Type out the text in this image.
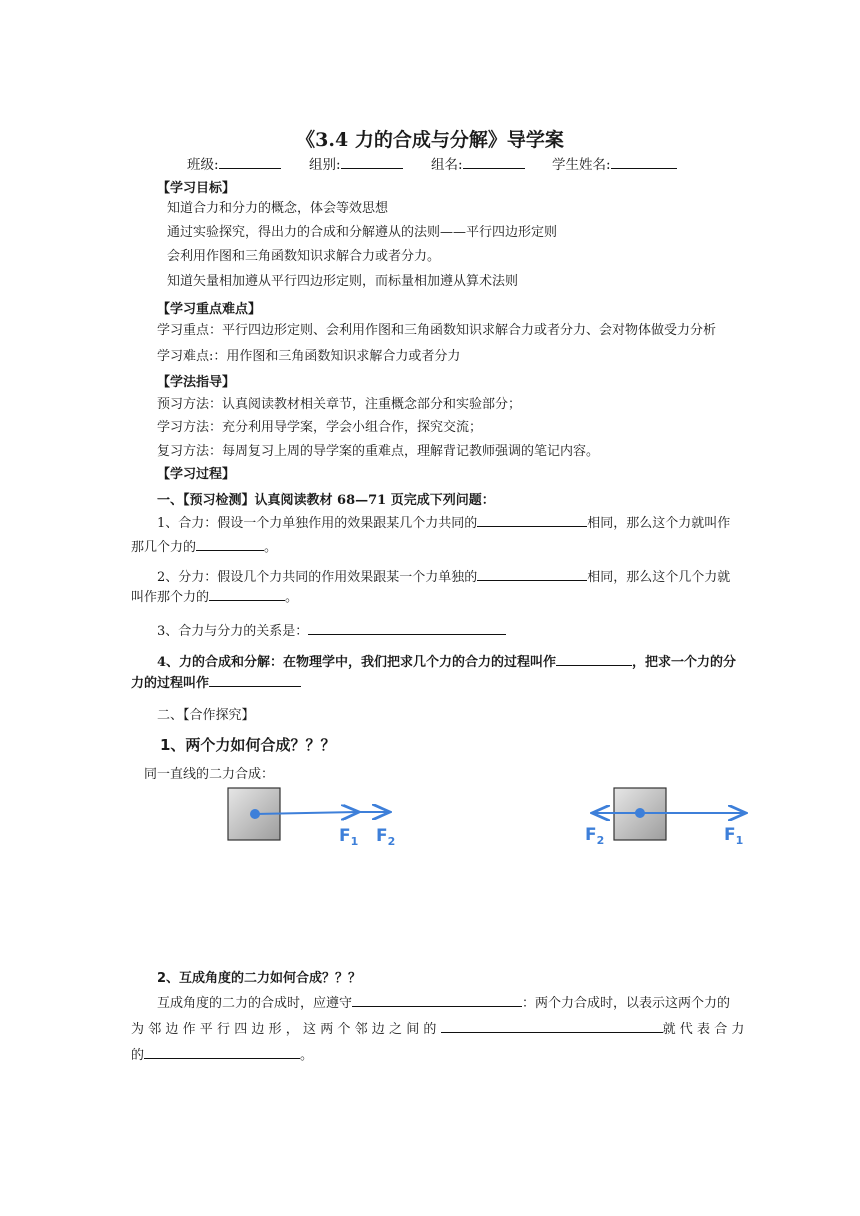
《3.4 力的合成与分解》导学案
班级:	组别:	组名:	学生姓名:
【学习目标】
知道合力和分力的概念，体会等效思想
通过实验探究，得出力的合成和分解遵从的法则——平行四边形定则
会利用作图和三角函数知识求解合力或者分力。
知道矢量相加遵从平行四边形定则，而标量相加遵从算术法则
【学习重点难点】
学习重点：平行四边形定则、会利用作图和三角函数知识求解合力或者分力、会对物体做受力分析
学习难点:：用作图和三角函数知识求解合力或者分力
【学法指导】
预习方法：认真阅读教材相关章节，注重概念部分和实验部分；
学习方法：充分利用导学案，学会小组合作，探究交流；
复习方法：每周复习上周的导学案的重难点，理解背记教师强调的笔记内容。
【学习过程】
一、【预习检测】认真阅读教材 68—71 页完成下列问题：
1、合力：假设一个力单独作用的效果跟某几个力共同的	相同，那么这个力就叫作
那几个力的	。
2、分力：假设几个力共同的作用效果跟某一个力单独的	相同，那么这个几个力就
叫作那个力的	。
3、合力与分力的关系是：
4、力的合成和分解：在物理学中，我们把求几个力的合力的过程叫作	，把求一个力的分
力的过程叫作
二、【合作探究】
1、两个力如何合成？？？
同一直线的二力合成：
$F_1$ $F_2$	$F_2$	$F_1$
2、互成角度的二力如何合成？？？
互成角度的二力的合成时，应遵守	：两个力合成时，以表示这两个力的
为邻边作平行四边形，这两个邻边之间的	就代表合力
的	。
